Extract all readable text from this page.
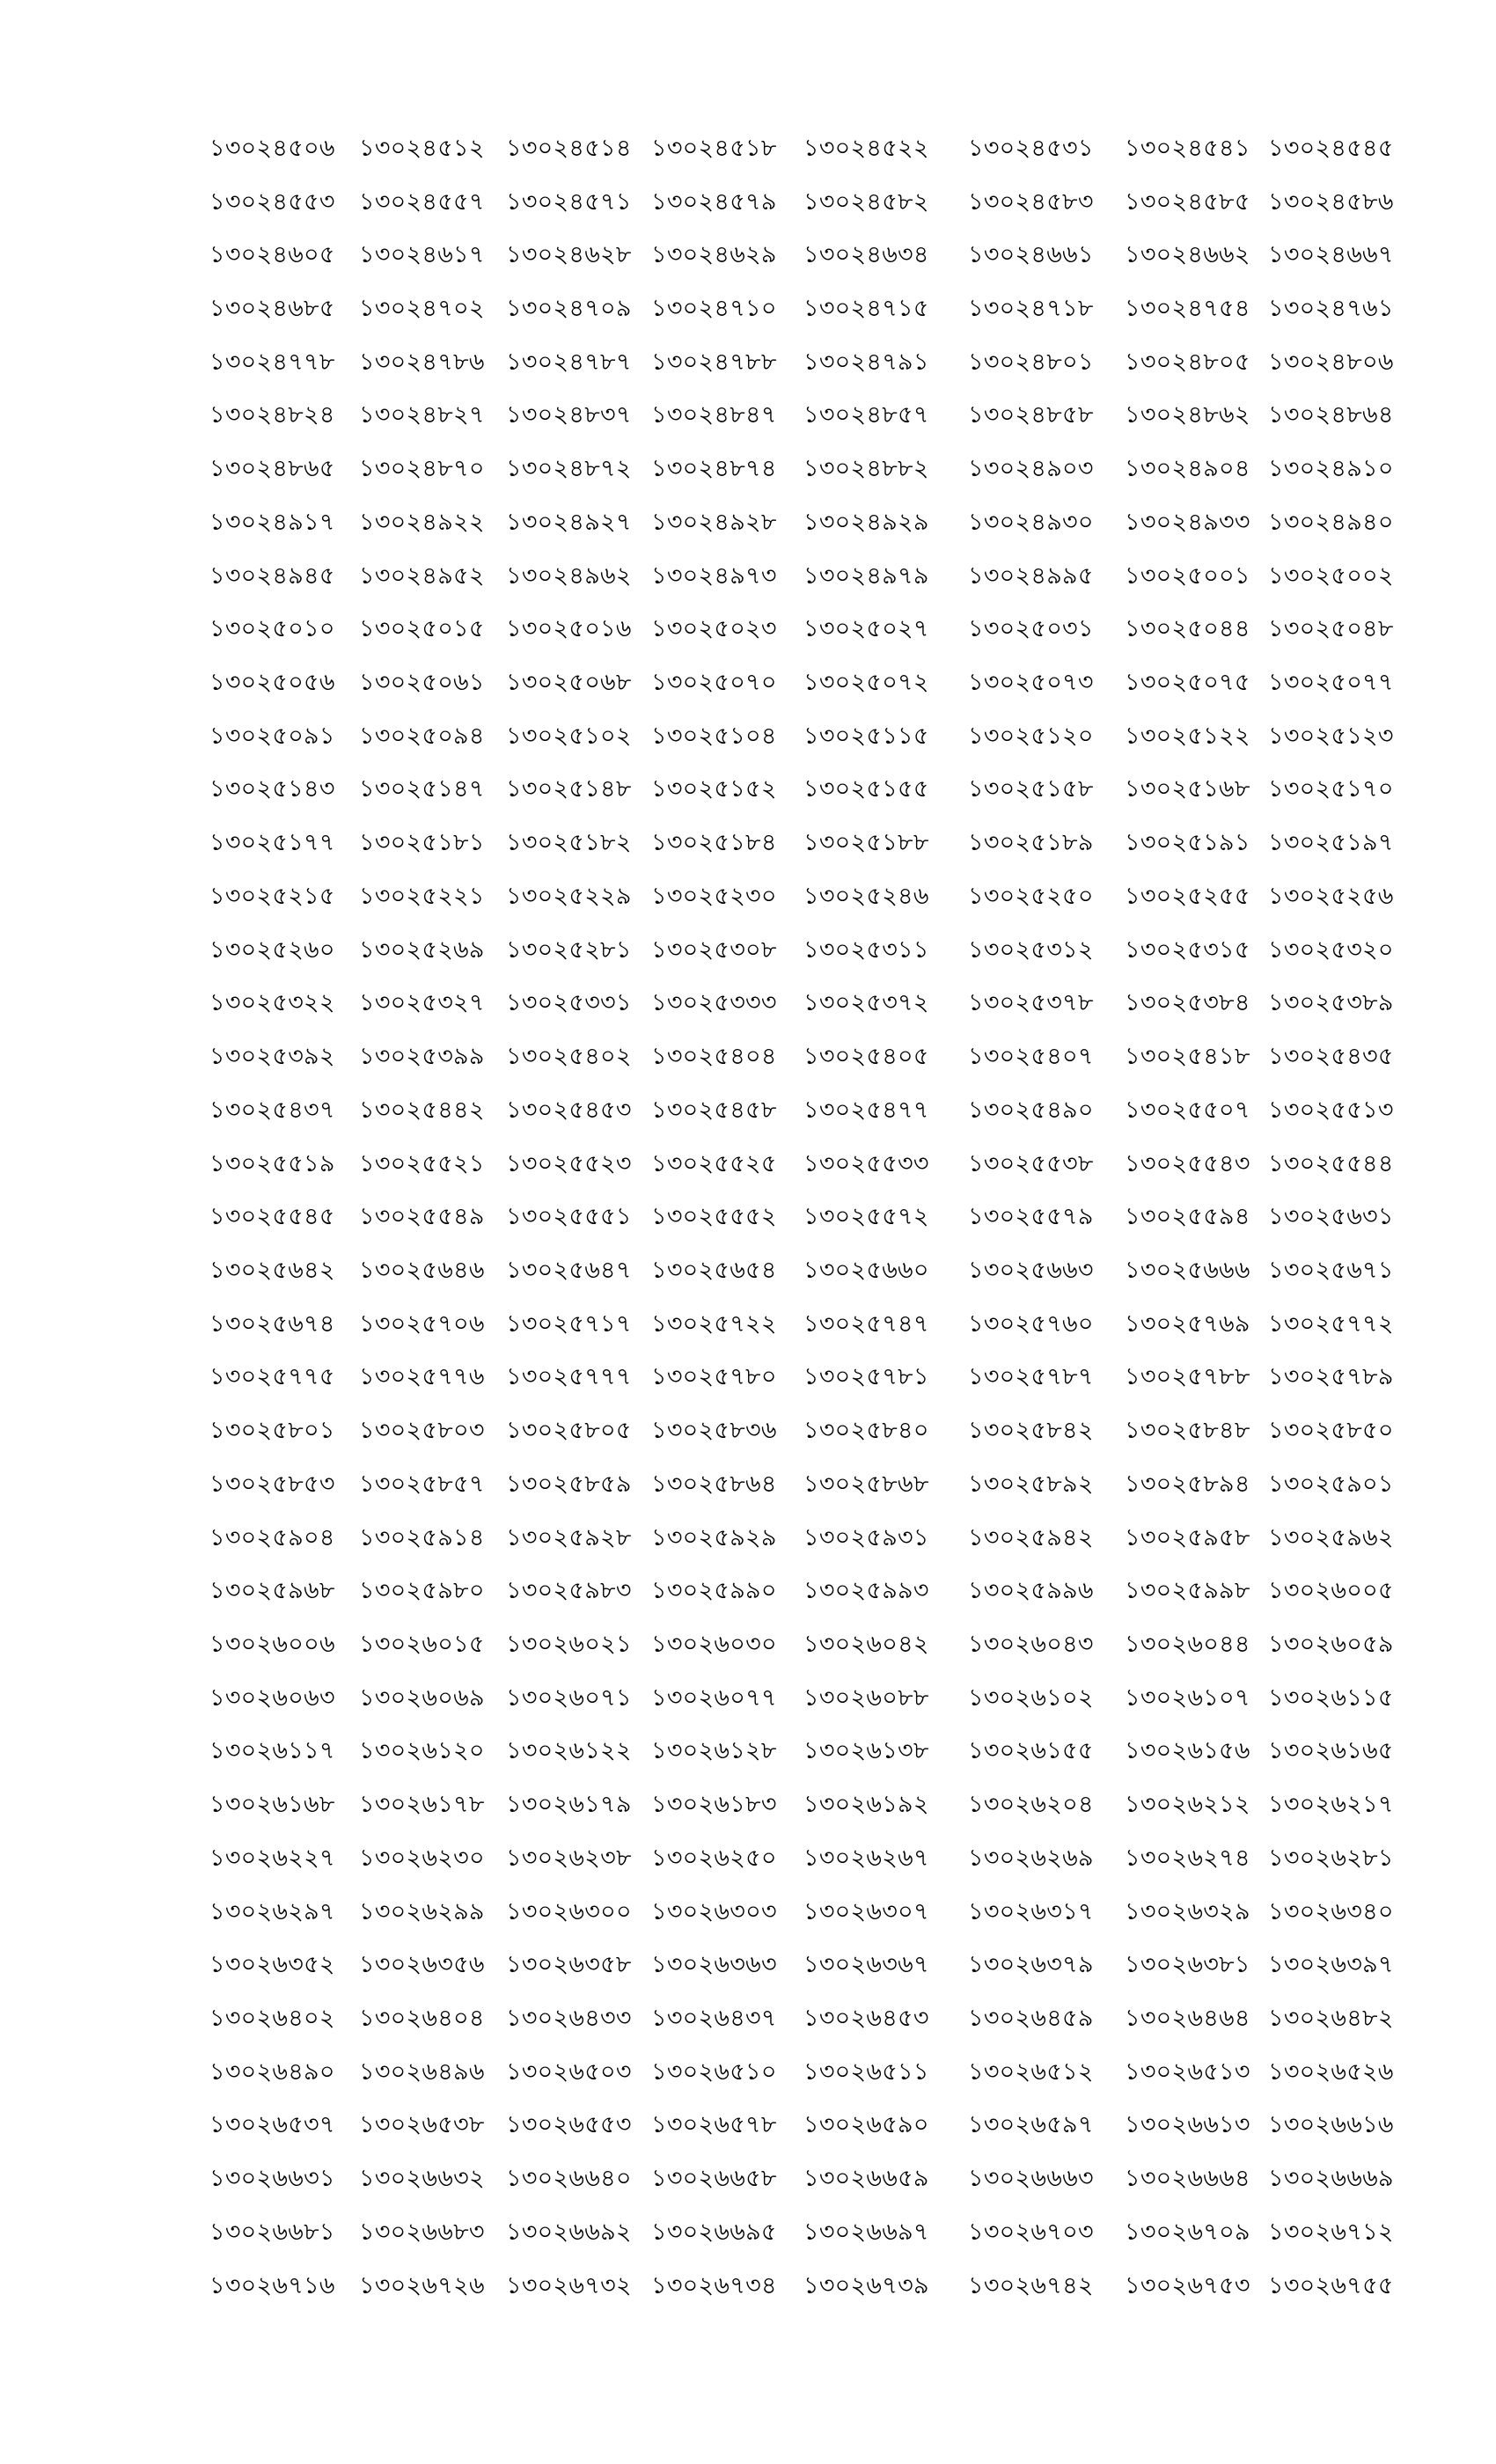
১৩০২৪৫০৬	১৩০২৪৫১২	১৩০২৪৫১৪	১৩০২৪৫১৮	১৩০২৪৫২২	১৩০২৪৫৩১	১৩০২৪৫৪১	১৩০২৪৫৪৫
১৩০২৪৫৫৩	১৩০২৪৫৫৭	১৩০২৪৫৭১	১৩০২৪৫৭৯	১৩০২৪৫৮২	১৩০২৪৫৮৩	১৩০২৪৫৮৫	১৩০২৪৫৮৬
১৩০২৪৬০৫	১৩০২৪৬১৭	১৩০২৪৬২৮	১৩০২৪৬২৯	১৩০২৪৬৩৪	১৩০২৪৬৬১	১৩০২৪৬৬২	১৩০২৪৬৬৭
১৩০২৪৬৮৫	১৩০২৪৭০২	১৩০২৪৭০৯	১৩০২৪৭১০	১৩০২৪৭১৫	১৩০২৪৭১৮	১৩০২৪৭৫৪	১৩০২৪৭৬১
১৩০২৪৭৭৮	১৩০২৪৭৮৬	১৩০২৪৭৮৭	১৩০২৪৭৮৮	১৩০২৪৭৯১	১৩০২৪৮০১	১৩০২৪৮০৫	১৩০২৪৮০৬
১৩০২৪৮২৪	১৩০২৪৮২৭	১৩০২৪৮৩৭	১৩০২৪৮৪৭	১৩০২৪৮৫৭	১৩০২৪৮৫৮	১৩০২৪৮৬২	১৩০২৪৮৬৪
১৩০২৪৮৬৫	১৩০২৪৮৭০	১৩০২৪৮৭২	১৩০২৪৮৭৪	১৩০২৪৮৮২	১৩০২৪৯০৩	১৩০২৪৯০৪	১৩০২৪৯১০
১৩০২৪৯১৭	১৩০২৪৯২২	১৩০২৪৯২৭	১৩০২৪৯২৮	১৩০২৪৯২৯	১৩০২৪৯৩০	১৩০২৪৯৩৩	১৩০২৪৯৪০
১৩০২৪৯৪৫	১৩০২৪৯৫২	১৩০২৪৯৬২	১৩০২৪৯৭৩	১৩০২৪৯৭৯	১৩০২৪৯৯৫	১৩০২৫০০১	১৩০২৫০০২
১৩০২৫০১০	১৩০২৫০১৫	১৩০২৫০১৬	১৩০২৫০২৩	১৩০২৫০২৭	১৩০২৫০৩১	১৩০২৫০৪৪	১৩০২৫০৪৮
১৩০২৫০৫৬	১৩০২৫০৬১	১৩০২৫০৬৮	১৩০২৫০৭০	১৩০২৫০৭২	১৩০২৫০৭৩	১৩০২৫০৭৫	১৩০২৫০৭৭
১৩০২৫০৯১	১৩০২৫০৯৪	১৩০২৫১০২	১৩০২৫১০৪	১৩০২৫১১৫	১৩০২৫১২০	১৩০২৫১২২	১৩০২৫১২৩
১৩০২৫১৪৩	১৩০২৫১৪৭	১৩০২৫১৪৮	১৩০২৫১৫২	১৩০২৫১৫৫	১৩০২৫১৫৮	১৩০২৫১৬৮	১৩০২৫১৭০
১৩০২৫১৭৭	১৩০২৫১৮১	১৩০২৫১৮২	১৩০২৫১৮৪	১৩০২৫১৮৮	১৩০২৫১৮৯	১৩০২৫১৯১	১৩০২৫১৯৭
১৩০২৫২১৫	১৩০২৫২২১	১৩০২৫২২৯	১৩০২৫২৩০	১৩০২৫২৪৬	১৩০২৫২৫০	১৩০২৫২৫৫	১৩০২৫২৫৬
১৩০২৫২৬০	১৩০২৫২৬৯	১৩০২৫২৮১	১৩০২৫৩০৮	১৩০২৫৩১১	১৩০২৫৩১২	১৩০২৫৩১৫	১৩০২৫৩২০
১৩০২৫৩২২	১৩০২৫৩২৭	১৩০২৫৩৩১	১৩০২৫৩৩৩	১৩০২৫৩৭২	১৩০২৫৩৭৮	১৩০২৫৩৮৪	১৩০২৫৩৮৯
১৩০২৫৩৯২	১৩০২৫৩৯৯	১৩০২৫৪০২	১৩০২৫৪০৪	১৩০২৫৪০৫	১৩০২৫৪০৭	১৩০২৫৪১৮	১৩০২৫৪৩৫
১৩০২৫৪৩৭	১৩০২৫৪৪২	১৩০২৫৪৫৩	১৩০২৫৪৫৮	১৩০২৫৪৭৭	১৩০২৫৪৯০	১৩০২৫৫০৭	১৩০২৫৫১৩
১৩০২৫৫১৯	১৩০২৫৫২১	১৩০২৫৫২৩	১৩০২৫৫২৫	১৩০২৫৫৩৩	১৩০২৫৫৩৮	১৩০২৫৫৪৩	১৩০২৫৫৪৪
১৩০২৫৫৪৫	১৩০২৫৫৪৯	১৩০২৫৫৫১	১৩০২৫৫৫২	১৩০২৫৫৭২	১৩০২৫৫৭৯	১৩০২৫৫৯৪	১৩০২৫৬৩১
১৩০২৫৬৪২	১৩০২৫৬৪৬	১৩০২৫৬৪৭	১৩০২৫৬৫৪	১৩০২৫৬৬০	১৩০২৫৬৬৩	১৩০২৫৬৬৬	১৩০২৫৬৭১
১৩০২৫৬৭৪	১৩০২৫৭০৬	১৩০২৫৭১৭	১৩০২৫৭২২	১৩০২৫৭৪৭	১৩০২৫৭৬০	১৩০২৫৭৬৯	১৩০২৫৭৭২
১৩০২৫৭৭৫	১৩০২৫৭৭৬	১৩০২৫৭৭৭	১৩০২৫৭৮০	১৩০২৫৭৮১	১৩০২৫৭৮৭	১৩০২৫৭৮৮	১৩০২৫৭৮৯
১৩০২৫৮০১	১৩০২৫৮০৩	১৩০২৫৮০৫	১৩০২৫৮৩৬	১৩০২৫৮৪০	১৩০২৫৮৪২	১৩০২৫৮৪৮	১৩০২৫৮৫০
১৩০২৫৮৫৩	১৩০২৫৮৫৭	১৩০২৫৮৫৯	১৩০২৫৮৬৪	১৩০২৫৮৬৮	১৩০২৫৮৯২	১৩০২৫৮৯৪	১৩০২৫৯০১
১৩০২৫৯০৪	১৩০২৫৯১৪	১৩০২৫৯২৮	১৩০২৫৯২৯	১৩০২৫৯৩১	১৩০২৫৯৪২	১৩০২৫৯৫৮	১৩০২৫৯৬২
১৩০২৫৯৬৮	১৩০২৫৯৮০	১৩০২৫৯৮৩	১৩০২৫৯৯০	১৩০২৫৯৯৩	১৩০২৫৯৯৬	১৩০২৫৯৯৮	১৩০২৬০০৫
১৩০২৬০০৬	১৩০২৬০১৫	১৩০২৬০২১	১৩০২৬০৩০	১৩০২৬০৪২	১৩০২৬০৪৩	১৩০২৬০৪৪	১৩০২৬০৫৯
১৩০২৬০৬৩	১৩০২৬০৬৯	১৩০২৬০৭১	১৩০২৬০৭৭	১৩০২৬০৮৮	১৩০২৬১০২	১৩০২৬১০৭	১৩০২৬১১৫
১৩০২৬১১৭	১৩০২৬১২০	১৩০২৬১২২	১৩০২৬১২৮	১৩০২৬১৩৮	১৩০২৬১৫৫	১৩০২৬১৫৬	১৩০২৬১৬৫
১৩০২৬১৬৮	১৩০২৬১৭৮	১৩০২৬১৭৯	১৩০২৬১৮৩	১৩০২৬১৯২	১৩০২৬২০৪	১৩০২৬২১২	১৩০২৬২১৭
১৩০২৬২২৭	১৩০২৬২৩০	১৩০২৬২৩৮	১৩০২৬২৫০	১৩০২৬২৬৭	১৩০২৬২৬৯	১৩০২৬২৭৪	১৩০২৬২৮১
১৩০২৬২৯৭	১৩০২৬২৯৯	১৩০২৬৩০০	১৩০২৬৩০৩	১৩০২৬৩০৭	১৩০২৬৩১৭	১৩০২৬৩২৯	১৩০২৬৩৪০
১৩০২৬৩৫২	১৩০২৬৩৫৬	১৩০২৬৩৫৮	১৩০২৬৩৬৩	১৩০২৬৩৬৭	১৩০২৬৩৭৯	১৩০২৬৩৮১	১৩০২৬৩৯৭
১৩০২৬৪০২	১৩০২৬৪০৪	১৩০২৬৪৩৩	১৩০২৬৪৩৭	১৩০২৬৪৫৩	১৩০২৬৪৫৯	১৩০২৬৪৬৪	১৩০২৬৪৮২
১৩০২৬৪৯০	১৩০২৬৪৯৬	১৩০২৬৫০৩	১৩০২৬৫১০	১৩০২৬৫১১	১৩০২৬৫১২	১৩০২৬৫১৩	১৩০২৬৫২৬
১৩০২৬৫৩৭	১৩০২৬৫৩৮	১৩০২৬৫৫৩	১৩০২৬৫৭৮	১৩০২৬৫৯০	১৩০২৬৫৯৭	১৩০২৬৬১৩	১৩০২৬৬১৬
১৩০২৬৬৩১	১৩০২৬৬৩২	১৩০২৬৬৪০	১৩০২৬৬৫৮	১৩০২৬৬৫৯	১৩০২৬৬৬৩	১৩০২৬৬৬৪	১৩০২৬৬৬৯
১৩০২৬৬৮১	১৩০২৬৬৮৩	১৩০২৬৬৯২	১৩০২৬৬৯৫	১৩০২৬৬৯৭	১৩০২৬৭০৩	১৩০২৬৭০৯	১৩০২৬৭১২
১৩০২৬৭১৬	১৩০২৬৭২৬	১৩০২৬৭৩২	১৩০২৬৭৩৪	১৩০২৬৭৩৯	১৩০২৬৭৪২	১৩০২৬৭৫৩	১৩০২৬৭৫৫
